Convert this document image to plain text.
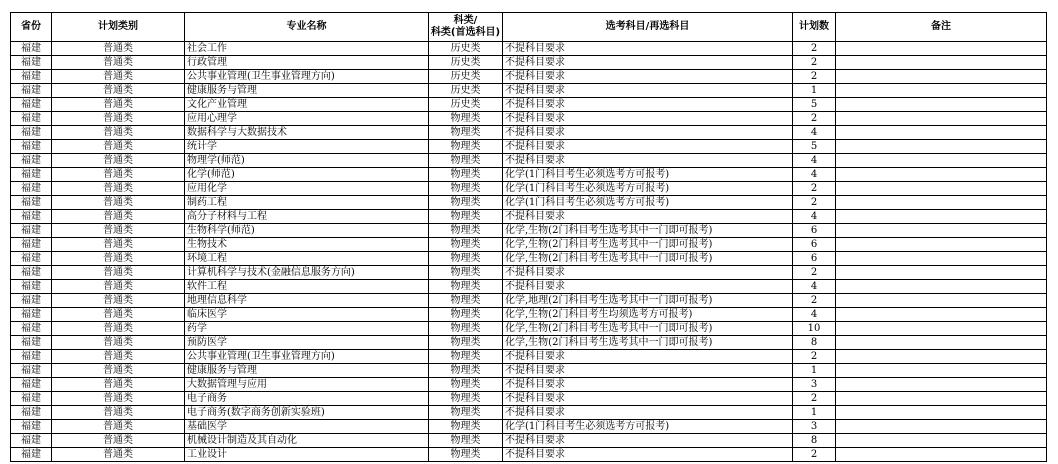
省份	计划类别	专业名称	科类/
科类(首选科目)	选考科目/再选科目	计划数	备注
福建	普通类	社会工作	历史类	不提科目要求	2	
福建	普通类	行政管理	历史类	不提科目要求	2	
福建	普通类	公共事业管理(卫生事业管理方向)	历史类	不提科目要求	2	
福建	普通类	健康服务与管理	历史类	不提科目要求	1	
福建	普通类	文化产业管理	历史类	不提科目要求	5	
福建	普通类	应用心理学	物理类	不提科目要求	2	
福建	普通类	数据科学与大数据技术	物理类	不提科目要求	4	
福建	普通类	统计学	物理类	不提科目要求	5	
福建	普通类	物理学(师范)	物理类	不提科目要求	4	
福建	普通类	化学(师范)	物理类	化学(1门科目考生必须选考方可报考)	4	
福建	普通类	应用化学	物理类	化学(1门科目考生必须选考方可报考)	2	
福建	普通类	制药工程	物理类	化学(1门科目考生必须选考方可报考)	2	
福建	普通类	高分子材料与工程	物理类	不提科目要求	4	
福建	普通类	生物科学(师范)	物理类	化学,生物(2门科目考生选考其中一门即可报考)	6	
福建	普通类	生物技术	物理类	化学,生物(2门科目考生选考其中一门即可报考)	6	
福建	普通类	环境工程	物理类	化学,生物(2门科目考生选考其中一门即可报考)	6	
福建	普通类	计算机科学与技术(金融信息服务方向)	物理类	不提科目要求	2	
福建	普通类	软件工程	物理类	不提科目要求	4	
福建	普通类	地理信息科学	物理类	化学,地理(2门科目考生选考其中一门即可报考)	2	
福建	普通类	临床医学	物理类	化学,生物(2门科目考生均须选考方可报考)	4	
福建	普通类	药学	物理类	化学,生物(2门科目考生选考其中一门即可报考)	10	
福建	普通类	预防医学	物理类	化学,生物(2门科目考生选考其中一门即可报考)	8	
福建	普通类	公共事业管理(卫生事业管理方向)	物理类	不提科目要求	2	
福建	普通类	健康服务与管理	物理类	不提科目要求	1	
福建	普通类	大数据管理与应用	物理类	不提科目要求	3	
福建	普通类	电子商务	物理类	不提科目要求	2	
福建	普通类	电子商务(数字商务创新实验班)	物理类	不提科目要求	1	
福建	普通类	基础医学	物理类	化学(1门科目考生必须选考方可报考)	3	
福建	普通类	机械设计制造及其自动化	物理类	不提科目要求	8	
福建	普通类	工业设计	物理类	不提科目要求	2	
